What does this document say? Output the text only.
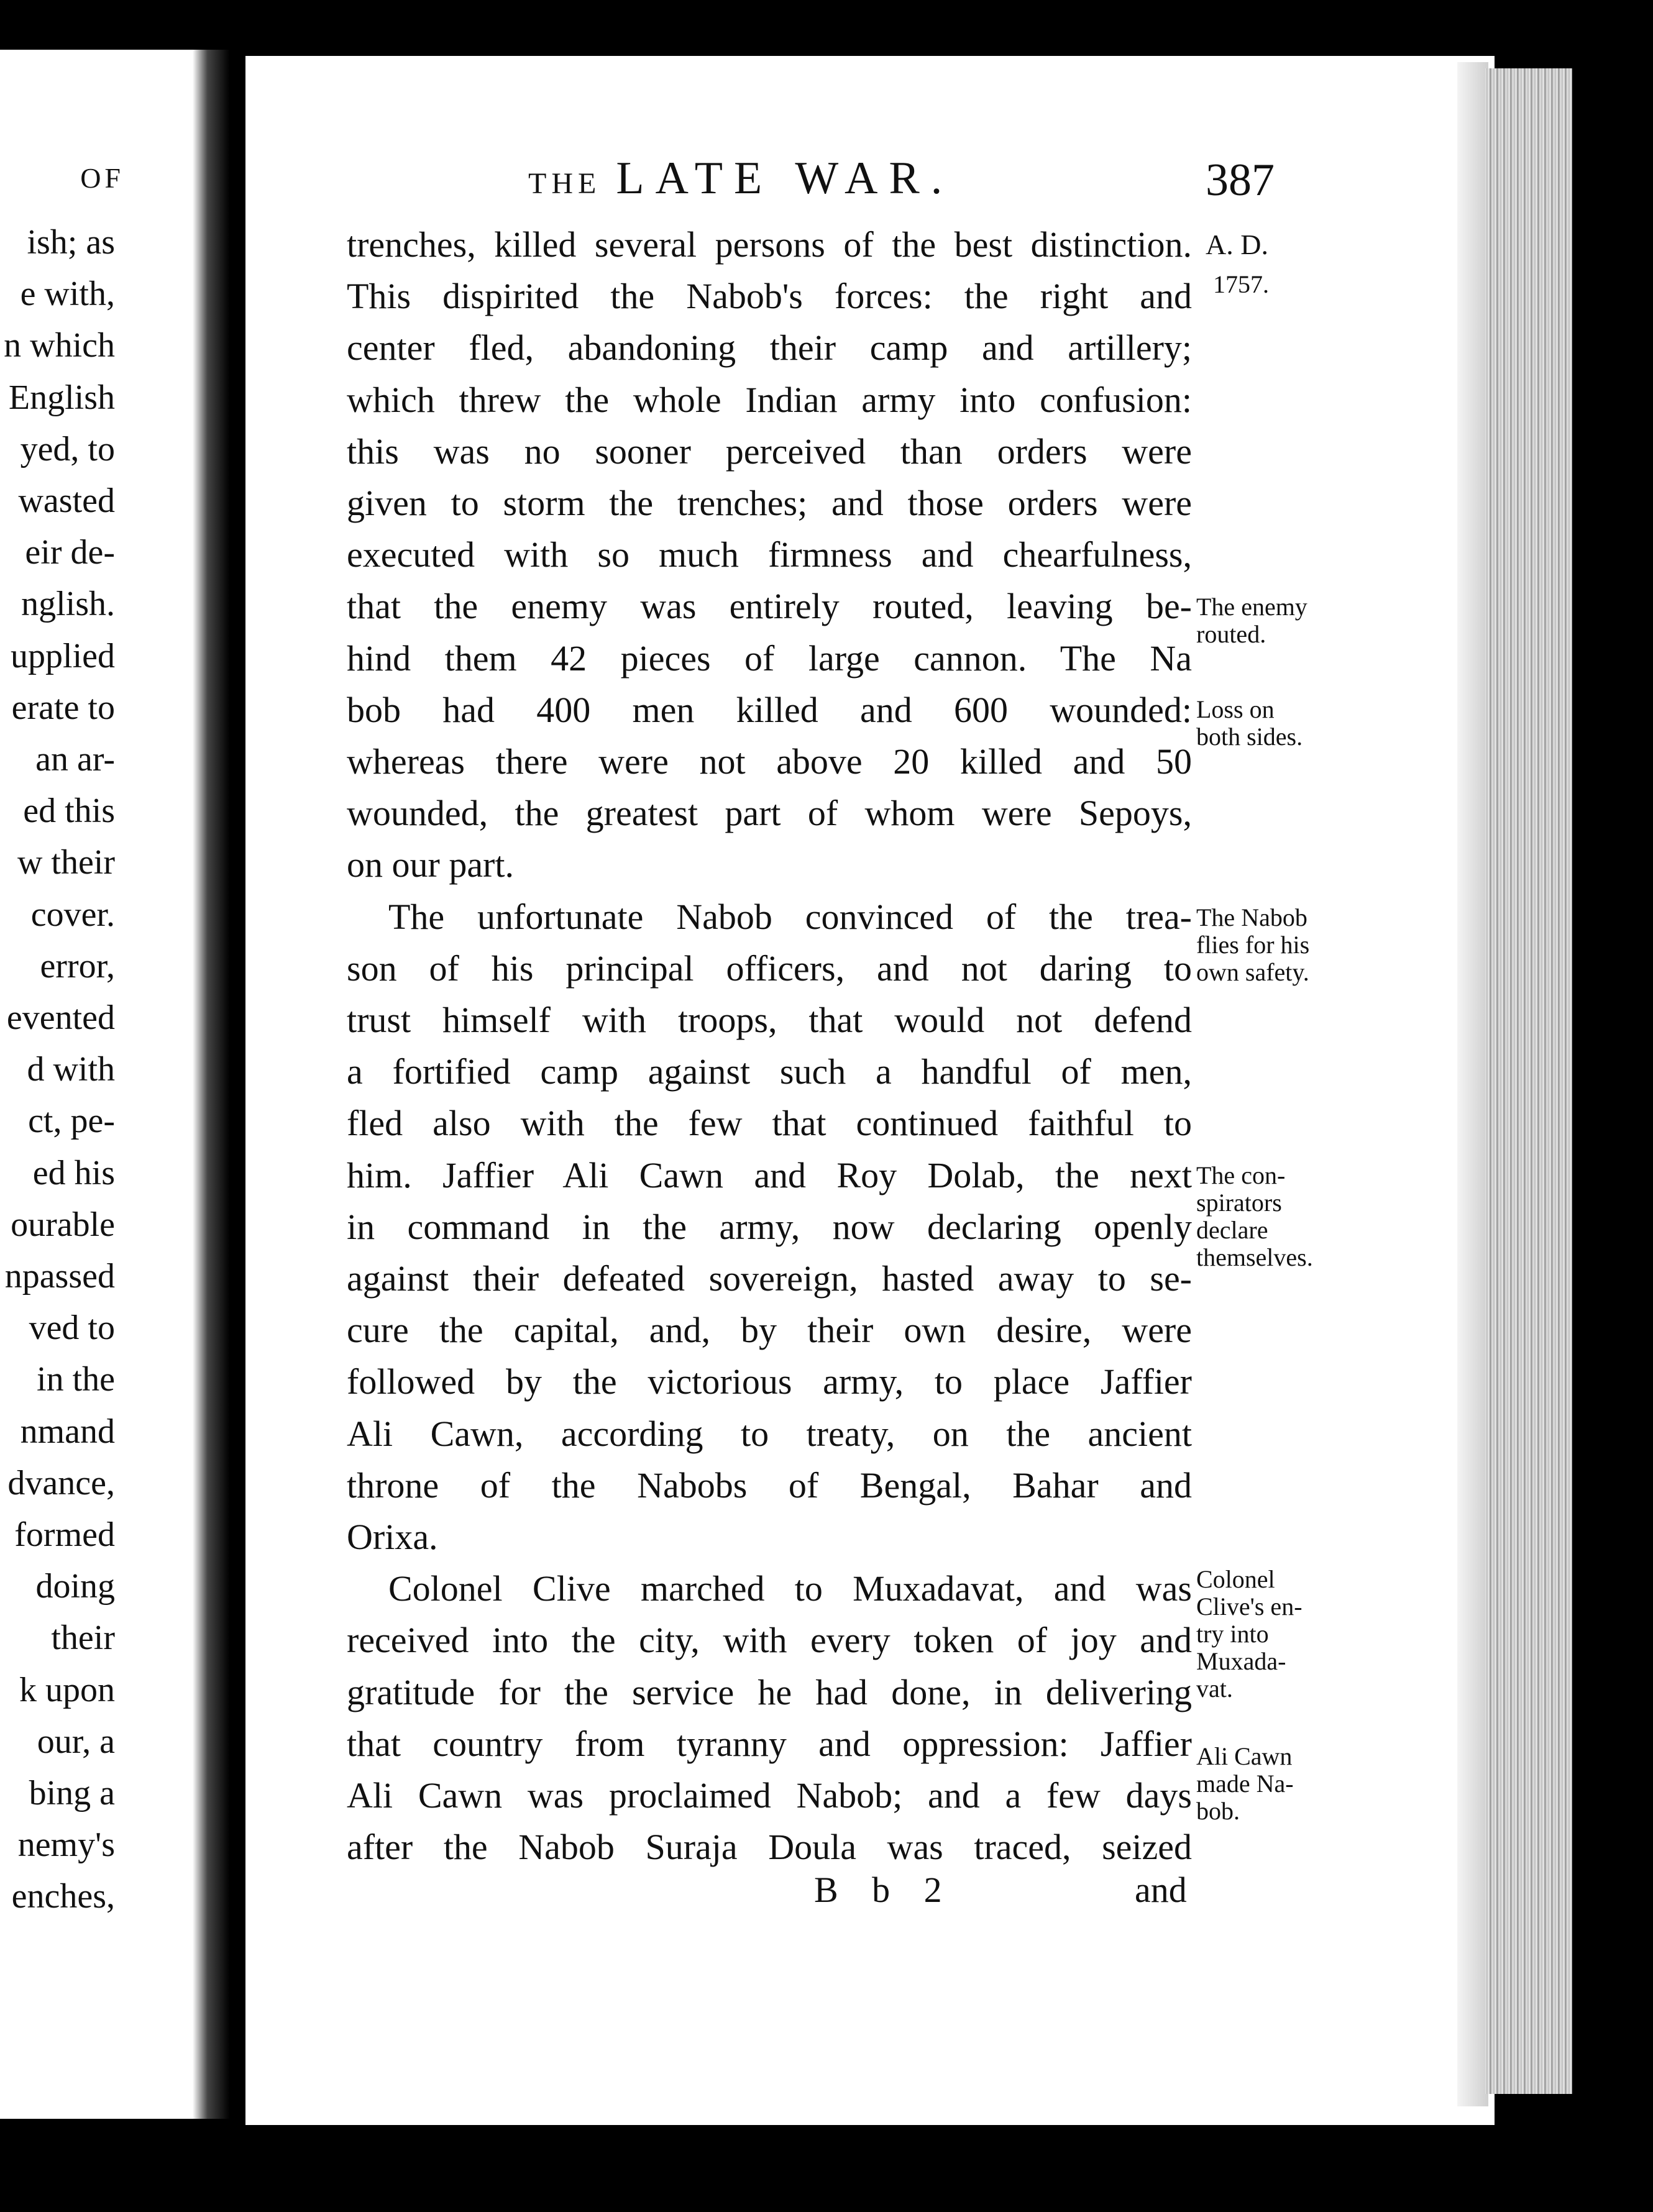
OF
ish; as
e with,
n which
English
yed, to
wasted
eir de-
nglish.
upplied
erate to
an ar-
ed this
w their
cover.
error,
evented
d with
ct, pe-
ed his
ourable
npassed
ved to
in the
nmand
dvance,
formed
doing
their
k upon
our, a
bing a
nemy's
enches,
THE LATE WAR.	387
A. D.
1757.
trenches, killed several persons of the best distinction.
This dispirited the Nabob's forces: the right and
center fled, abandoning their camp and artillery;
which threw the whole Indian army into confusion:
this was no sooner perceived than orders were
given to storm the trenches; and those orders were
executed with so much firmness and chearfulness,
that the enemy was entirely routed, leaving be-
hind them 42 pieces of large cannon. The Na
bob had 400 men killed and 600 wounded:
whereas there were not above 20 killed and 50
wounded, the greatest part of whom were Sepoys,
on our part.
The unfortunate Nabob convinced of the trea-
son of his principal officers, and not daring to
trust himself with troops, that would not defend
a fortified camp against such a handful of men,
fled also with the few that continued faithful to
him. Jaffier Ali Cawn and Roy Dolab, the next
in command in the army, now declaring openly
against their defeated sovereign, hasted away to se-
cure the capital, and, by their own desire, were
followed by the victorious army, to place Jaffier
Ali Cawn, according to treaty, on the ancient
throne of the Nabobs of Bengal, Bahar and
Orixa.
Colonel Clive marched to Muxadavat, and was
received into the city, with every token of joy and
gratitude for the service he had done, in delivering
that country from tyranny and oppression: Jaffier
Ali Cawn was proclaimed Nabob; and a few days
after the Nabob Suraja Doula was traced, seized
The enemy
routed.
Loss on
both sides.
The Nabob
flies for his
own safety.
The con-
spirators
declare
themselves.
Colonel
Clive's en-
try into
Muxada-
vat.
Ali Cawn
made Na-
bob.
B b 2	and
